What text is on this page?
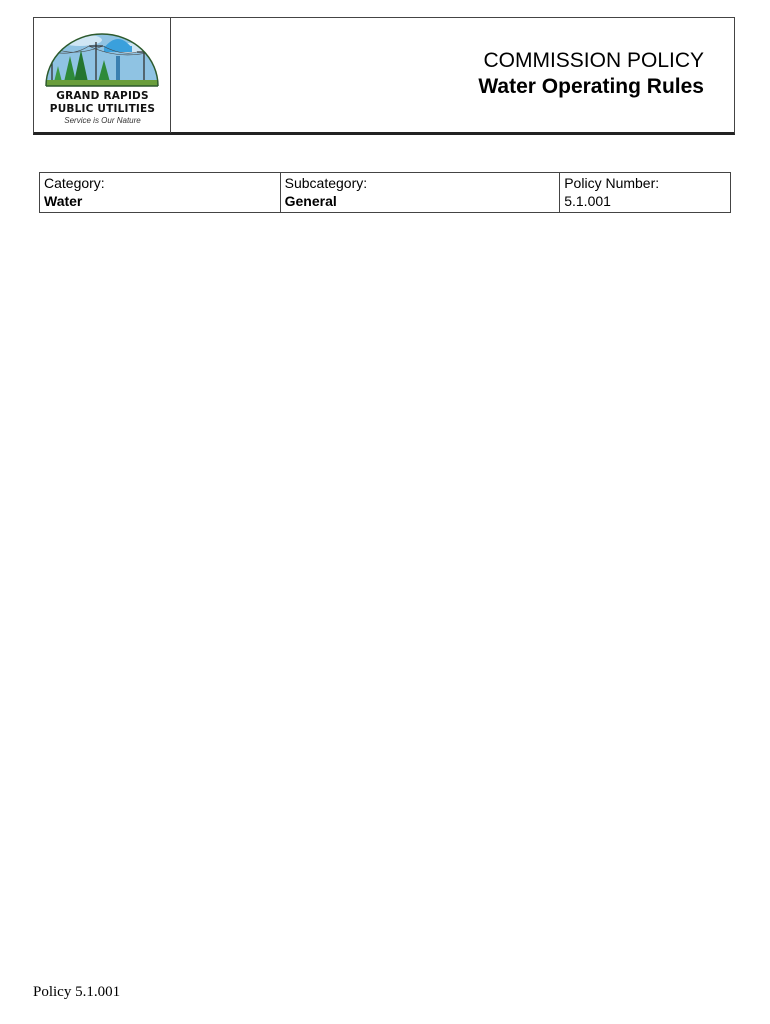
GRAND RAPIDS
PUBLIC UTILITIES
Service is Our Nature
COMMISSION POLICY
Water Operating Rules
Category:
Water

Subcategory:
General

Policy Number:
5.1.001
Policy 5.1.001
